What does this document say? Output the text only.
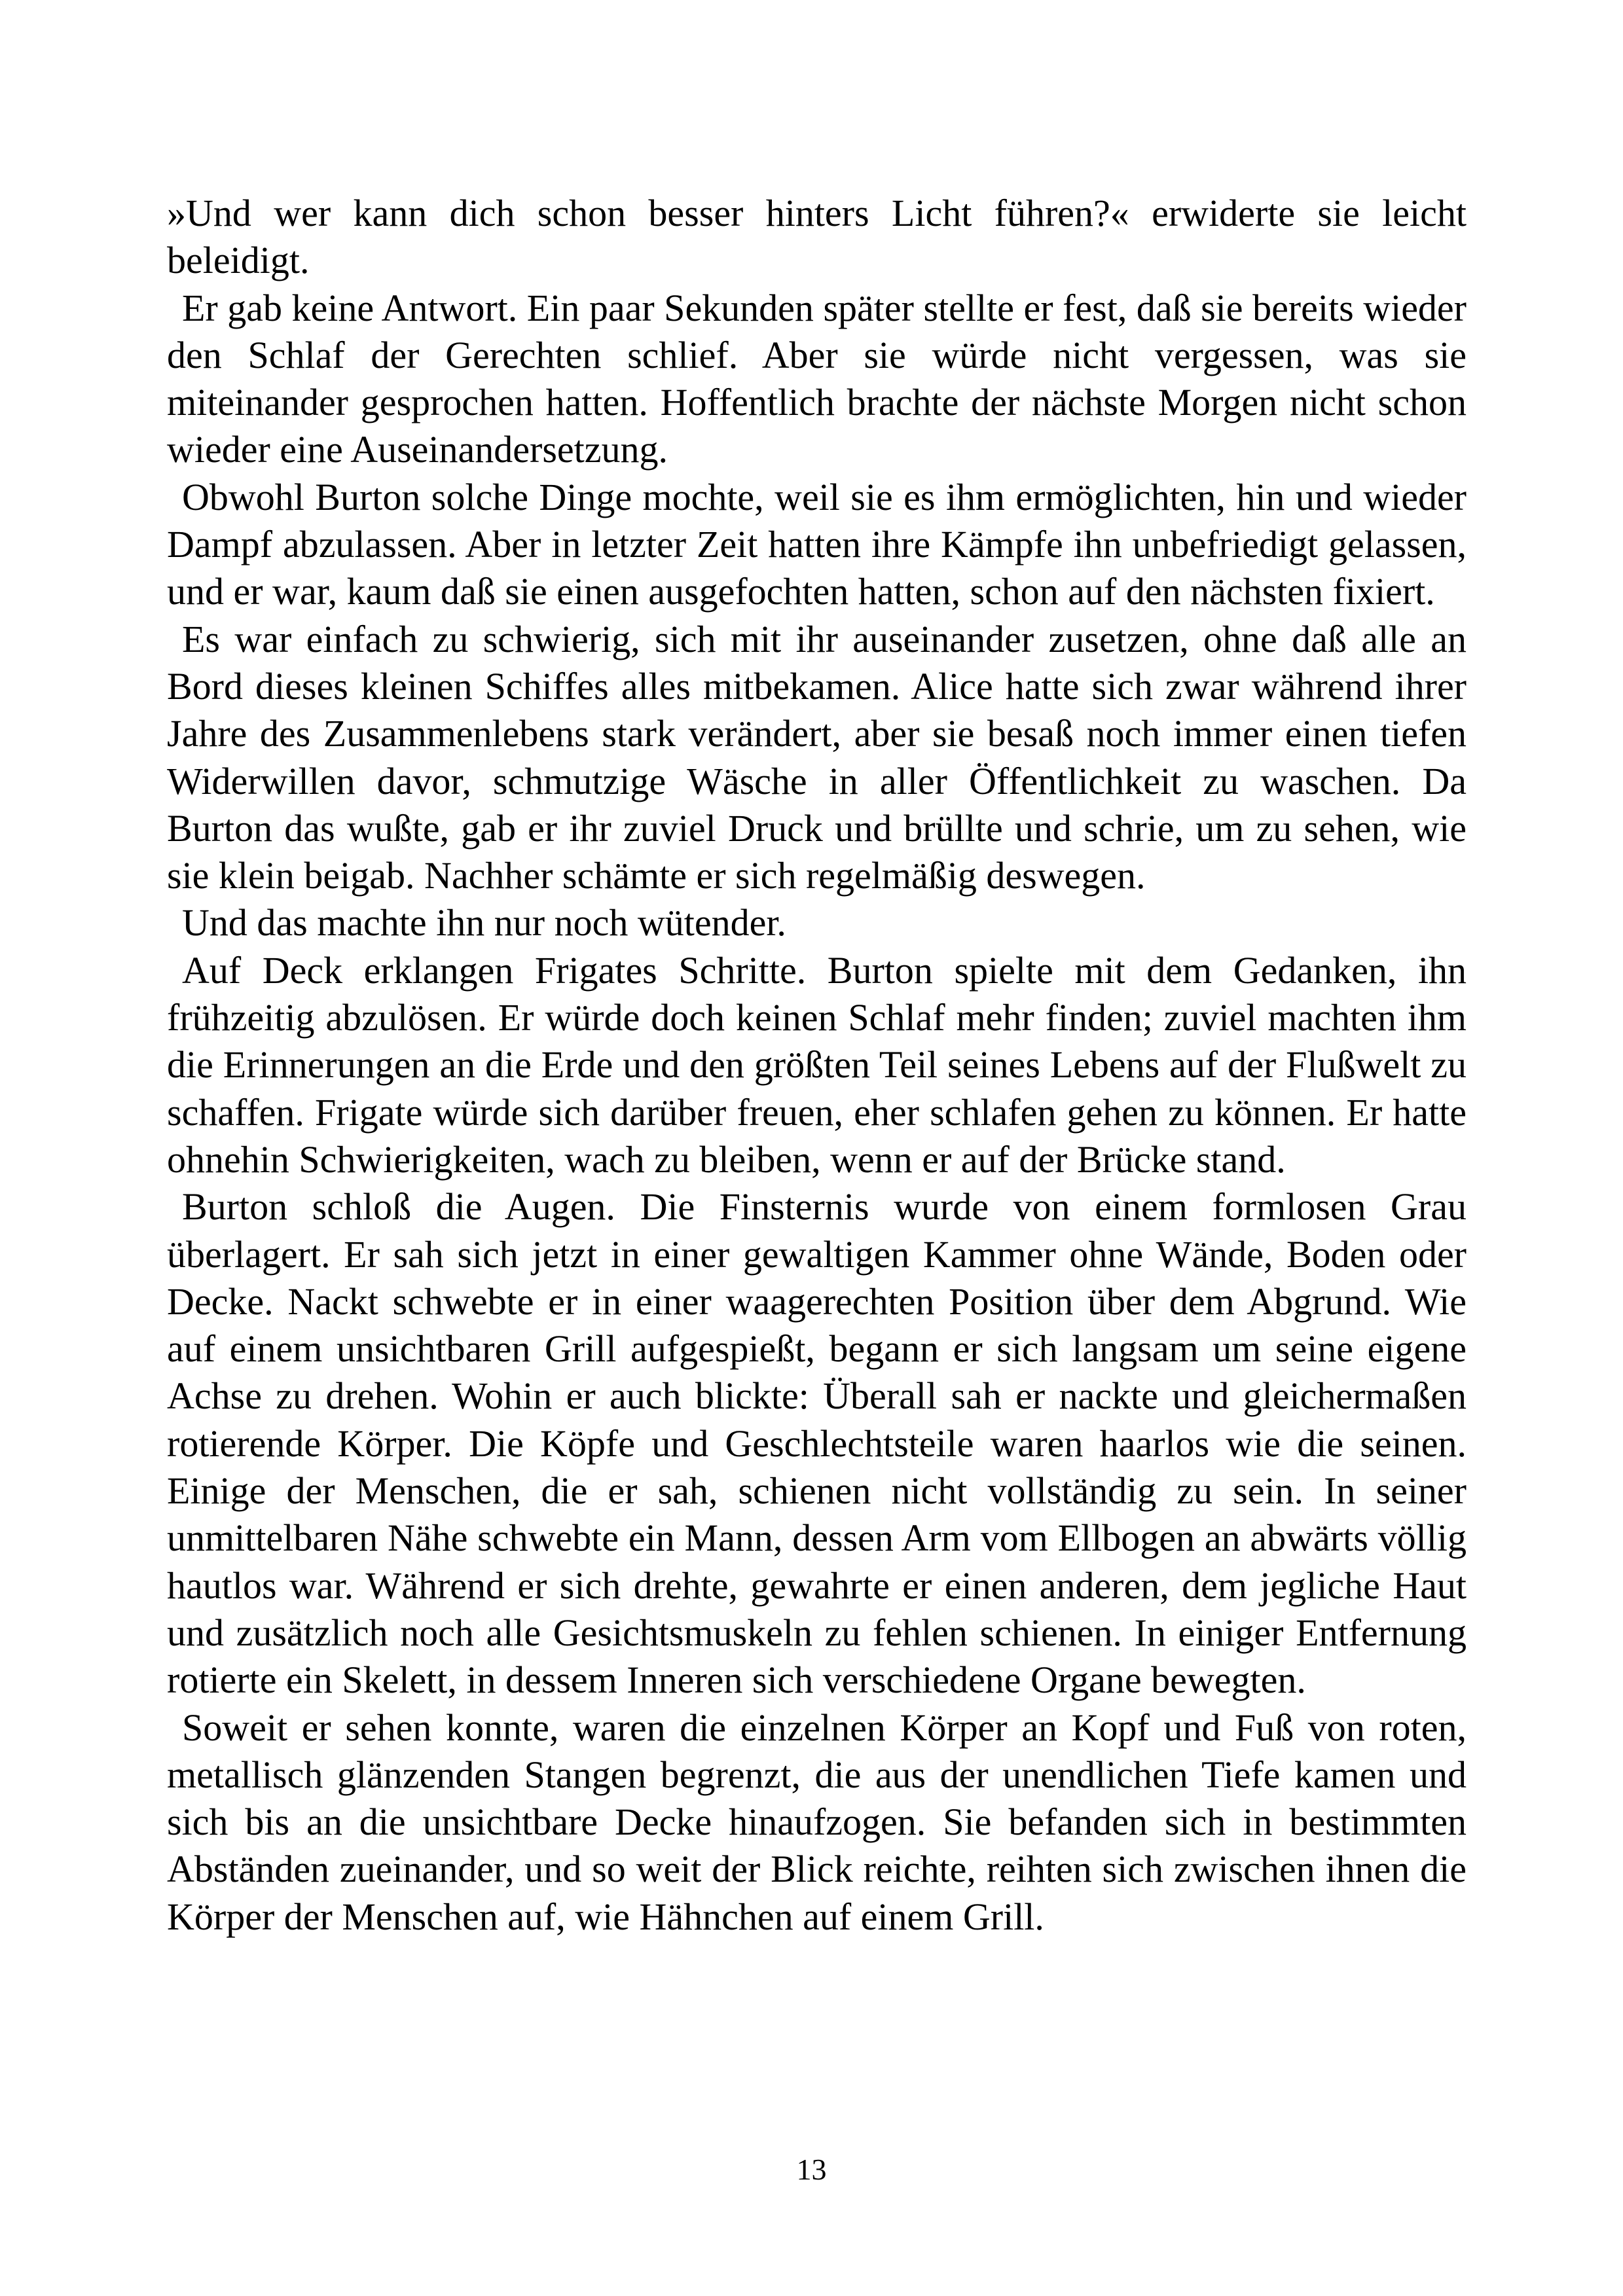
»Und wer kann dich schon besser hinters Licht führen?« erwiderte sie leicht beleidigt.

Er gab keine Antwort. Ein paar Sekunden später stellte er fest, daß sie bereits wieder den Schlaf der Gerechten schlief. Aber sie würde nicht vergessen, was sie miteinander gesprochen hatten. Hoffentlich brachte der nächste Morgen nicht schon wieder eine Auseinandersetzung.

Obwohl Burton solche Dinge mochte, weil sie es ihm ermöglichten, hin und wieder Dampf abzulassen. Aber in letzter Zeit hatten ihre Kämpfe ihn unbefriedigt gelassen, und er war, kaum daß sie einen ausgefochten hatten, schon auf den nächsten fixiert.

Es war einfach zu schwierig, sich mit ihr auseinander zusetzen, ohne daß alle an Bord dieses kleinen Schiffes alles mitbekamen. Alice hatte sich zwar während ihrer Jahre des Zusammenlebens stark verändert, aber sie besaß noch immer einen tiefen Widerwillen davor, schmutzige Wäsche in aller Öffentlichkeit zu waschen. Da Burton das wußte, gab er ihr zuviel Druck und brüllte und schrie, um zu sehen, wie sie klein beigab. Nachher schämte er sich regelmäßig deswegen.

Und das machte ihn nur noch wütender.

Auf Deck erklangen Frigates Schritte. Burton spielte mit dem Gedanken, ihn frühzeitig abzulösen. Er würde doch keinen Schlaf mehr finden; zuviel machten ihm die Erinnerungen an die Erde und den größten Teil seines Lebens auf der Flußwelt zu schaffen. Frigate würde sich darüber freuen, eher schlafen gehen zu können. Er hatte ohnehin Schwierigkeiten, wach zu bleiben, wenn er auf der Brücke stand.

Burton schloß die Augen. Die Finsternis wurde von einem formlosen Grau überlagert. Er sah sich jetzt in einer gewaltigen Kammer ohne Wände, Boden oder Decke. Nackt schwebte er in einer waagerechten Position über dem Abgrund. Wie auf einem unsichtbaren Grill aufgespießt, begann er sich langsam um seine eigene Achse zu drehen. Wohin er auch blickte: Überall sah er nackte und gleichermaßen rotierende Körper. Die Köpfe und Geschlechtsteile waren haarlos wie die seinen. Einige der Menschen, die er sah, schienen nicht vollständig zu sein. In seiner unmittelbaren Nähe schwebte ein Mann, dessen Arm vom Ellbogen an abwärts völlig hautlos war. Während er sich drehte, gewahrte er einen anderen, dem jegliche Haut und zusätzlich noch alle Gesichtsmuskeln zu fehlen schienen. In einiger Entfernung rotierte ein Skelett, in dessem Inneren sich verschiedene Organe bewegten.

Soweit er sehen konnte, waren die einzelnen Körper an Kopf und Fuß von roten, metallisch glänzenden Stangen begrenzt, die aus der unendlichen Tiefe kamen und sich bis an die unsichtbare Decke hinaufzogen. Sie befanden sich in bestimmten Abständen zueinander, und so weit der Blick reichte, reihten sich zwischen ihnen die Körper der Menschen auf, wie Hähnchen auf einem Grill.

13
